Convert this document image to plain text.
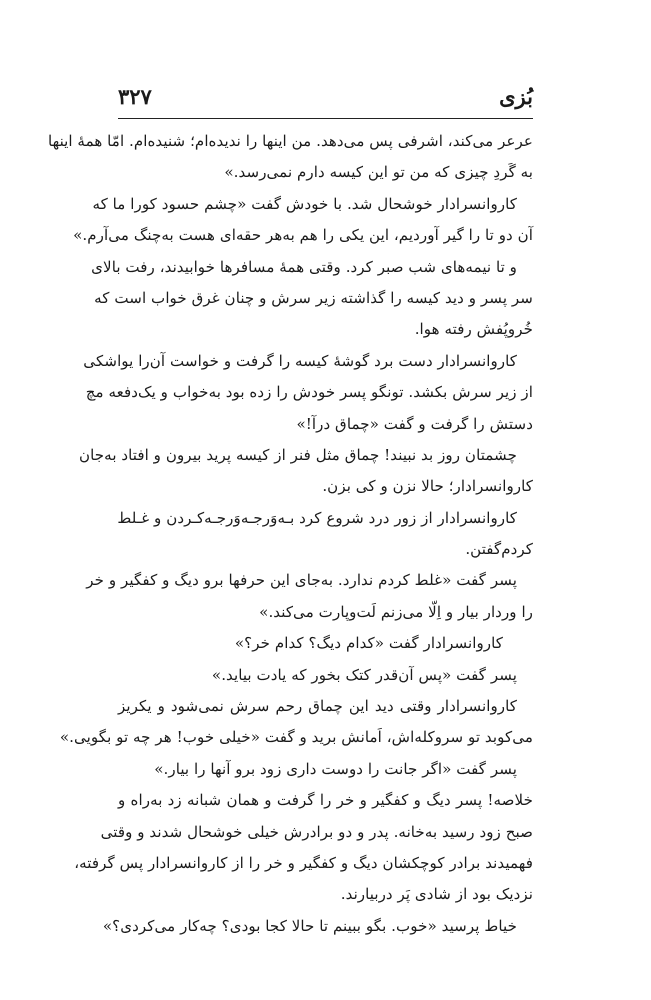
بُزی
۳۲۷
عرعر می‌کند، اشرفی پس می‌دهد. من اینها را ندیده‌ام؛ شنیده‌ام. امّا همهٔ اینها
به گَردِ چیزی که من تو این کیسه دارم نمی‌رسد.»
کاروانسرادار خوشحال شد. با خودش گفت «چشم حسود کورا ما که
آن دو تا را گیر آوردیم، این یکی را هم به‌هر حقه‌ای هست به‌چنگ می‌آرم.»
و تا نیمه‌های شب صبر کرد. وقتی همهٔ مسافرها خوابیدند، رفت بالای
سر پسر و دید کیسه را گذاشته زیر سرش و چنان غرق خواب است که
خُروپُفش رفته هوا.
کاروانسرادار دست برد گوشهٔ کیسه را گرفت و خواست آن‌را یواشکی
از زیر سرش بکشد. تونگو پسر خودش را زده بود به‌خواب و یک‌دفعه مچ
دستش را گرفت و گفت «چماق درآ!»
چشمتان روز بد نبیند! چماق مثل فنر از کیسه پرید بیرون و افتاد به‌جان
کاروانسرادار؛ حالا نزن و کی بزن.
کاروانسرادار از زور درد شروع کرد بـه‌وَرجـه‌وَرجـه‌کـردن و غـلط
کردم‌گفتن.
پسر گفت «غلط کردم ندارد. به‌جای این حرفها برو دیگ و کفگیر و خر
را وردار بیار و اِلّا می‌زنم لَت‌وپارت می‌کند.»
کاروانسرادار گفت «کدام دیگ؟ کدام خر؟»
پسر گفت «پس آن‌قدر کتک بخور که یادت بیاید.»
کاروانسرادار وقتی دید این چماق رحم سرش نمی‌شود و یکریز
می‌کوبد تو سروکله‌اش، اَمانش برید و گفت «خیلی خوب! هر چه تو بگویی.»
پسر گفت «اگر جانت را دوست داری زود برو آنها را بیار.»
خلاصه! پسر دیگ و کفگیر و خر را گرفت و همان شبانه زد به‌راه و
صبح زود رسید به‌خانه. پدر و دو برادرش خیلی خوشحال شدند و وقتی
فهمیدند برادر کوچکشان دیگ و کفگیر و خر را از کاروانسرادار پس گرفته،
نزدیک بود از شادی پَر دربیارند.
خیاط پرسید «خوب. بگو ببینم تا حالا کجا بودی؟ چه‌کار می‌کردی؟»
